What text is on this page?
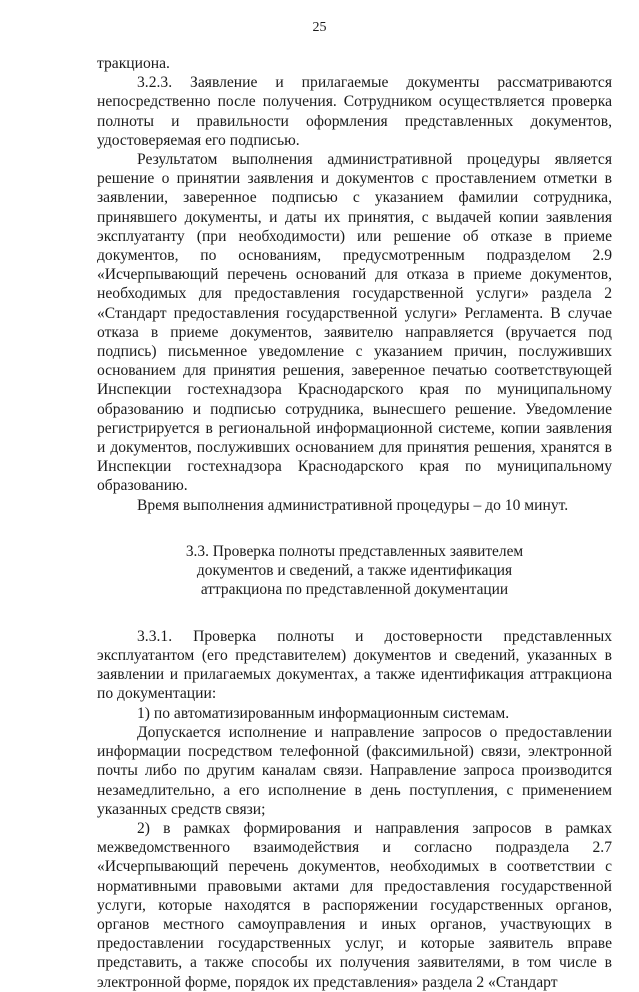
25

тракциона.

3.2.3. Заявление и прилагаемые документы рассматриваются непосредственно после получения. Сотрудником осуществляется проверка полноты и правильности оформления представленных документов, удостоверяемая его подписью.

Результатом выполнения административной процедуры является решение о принятии заявления и документов с проставлением отметки в заявлении, заверенное подписью с указанием фамилии сотрудника, принявшего документы, и даты их принятия, с выдачей копии заявления эксплуатанту (при необходимости) или решение об отказе в приеме документов, по основаниям, предусмотренным подразделом 2.9 «Исчерпывающий перечень оснований для отказа в приеме документов, необходимых для предоставления государственной услуги» раздела 2 «Стандарт предоставления государственной услуги» Регламента. В случае отказа в приеме документов, заявителю направляется (вручается под подпись) письменное уведомление с указанием причин, послуживших основанием для принятия решения, заверенное печатью соответствующей Инспекции гостехнадзора Краснодарского края по муниципальному образованию и подписью сотрудника, вынесшего решение. Уведомление регистрируется в региональной информационной системе, копии заявления и документов, послуживших основанием для принятия решения, хранятся в Инспекции гостехнадзора Краснодарского края по муниципальному образованию.

Время выполнения административной процедуры – до 10 минут.

3.3. Проверка полноты представленных заявителем
документов и сведений, а также идентификация
аттракциона по представленной документации

3.3.1. Проверка полноты и достоверности представленных эксплуатантом (его представителем) документов и сведений, указанных в заявлении и прилагаемых документах, а также идентификация аттракциона по документации:

1) по автоматизированным информационным системам.

Допускается исполнение и направление запросов о предоставлении информации посредством телефонной (факсимильной) связи, электронной почты либо по другим каналам связи. Направление запроса производится незамедлительно, а его исполнение в день поступления, с применением указанных средств связи;

2) в рамках формирования и направления запросов в рамках межведомственного взаимодействия и согласно подраздела 2.7 «Исчерпывающий перечень документов, необходимых в соответствии с нормативными правовыми актами для предоставления государственной услуги, которые находятся в распоряжении государственных органов, органов местного самоуправления и иных органов, участвующих в предоставлении государственных услуг, и которые заявитель вправе представить, а также способы их получения заявителями, в том числе в электронной форме, порядок их представления» раздела 2 «Стандарт
